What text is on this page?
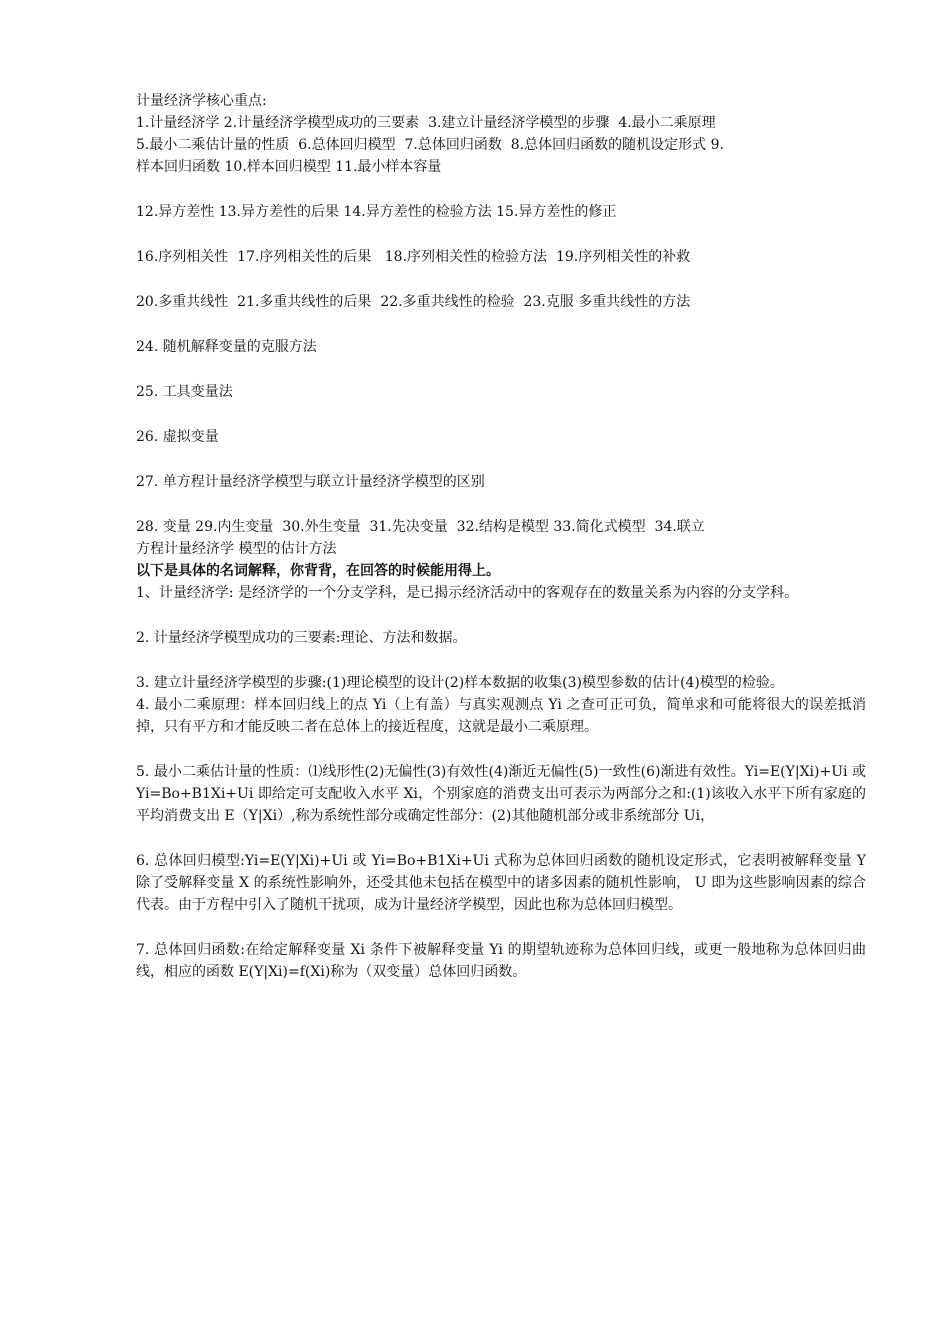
计量经济学核心重点:

1.计量经济学 2.计量经济学模型成功的三要素  3.建立计量经济学模型的步骤  4.最小二乘原理

5.最小二乘估计量的性质  6.总体回归模型  7.总体回归函数  8.总体回归函数的随机设定形式 9.

样本回归函数 10.样本回归模型 11.最小样本容量

12.异方差性 13.异方差性的后果 14.异方差性的检验方法 15.异方差性的修正

16.序列相关性  17.序列相关性的后果   18.序列相关性的检验方法  19.序列相关性的补救

20.多重共线性  21.多重共线性的后果  22.多重共线性的检验  23.克服 多重共线性的方法

24. 随机解释变量的克服方法

25. 工具变量法

26. 虚拟变量

27. 单方程计量经济学模型与联立计量经济学模型的区别

28. 变量 29.内生变量  30.外生变量  31.先决变量  32.结构是模型 33.简化式模型  34.联立

方程计量经济学 模型的估计方法

以下是具体的名词解释，你背背，在回答的时候能用得上。

1、计量经济学: 是经济学的一个分支学科，是已揭示经济活动中的客观存在的数量关系为内容的分支学科。

2. 计量经济学模型成功的三要素:理论、方法和数据。

3. 建立计量经济学模型的步骤:(1)理论模型的设计(2)样本数据的收集(3)模型参数的估计(4)模型的检验。

4. 最小二乘原理：样本回归线上的点 Yi（上有盖）与真实观测点 Yi 之查可正可负，简单求和可能将很大的误差抵消掉，只有平方和才能反映二者在总体上的接近程度，这就是最小二乘原理。

5. 最小二乘估计量的性质：⑴线形性(2)无偏性(3)有效性(4)渐近无偏性(5)一致性(6)渐进有效性。Yi=E(Y|Xi)+Ui 或 Yi=Bo+B1Xi+Ui 即给定可支配收入水平 Xi，个别家庭的消费支出可表示为两部分之和:(1)该收入水平下所有家庭的平均消费支出 E（Y|Xi）,称为系统性部分或确定性部分：(2)其他随机部分或非系统部分 Ui，

6. 总体回归模型:Yi=E(Y|Xi)+Ui 或 Yi=Bo+B1Xi+Ui 式称为总体回归函数的随机设定形式，它表明被解释变量 Y 除了受解释变量 X 的系统性影响外，还受其他未包括在模型中的诸多因素的随机性影响， U 即为这些影响因素的综合代表。由于方程中引入了随机干扰项，成为计量经济学模型，因此也称为总体回归模型。

7. 总体回归函数:在给定解释变量 Xi 条件下被解释变量 Yi 的期望轨迹称为总体回归线，或更一般地称为总体回归曲线，相应的函数 E(Y|Xi)=f(Xi)称为（双变量）总体回归函数。
